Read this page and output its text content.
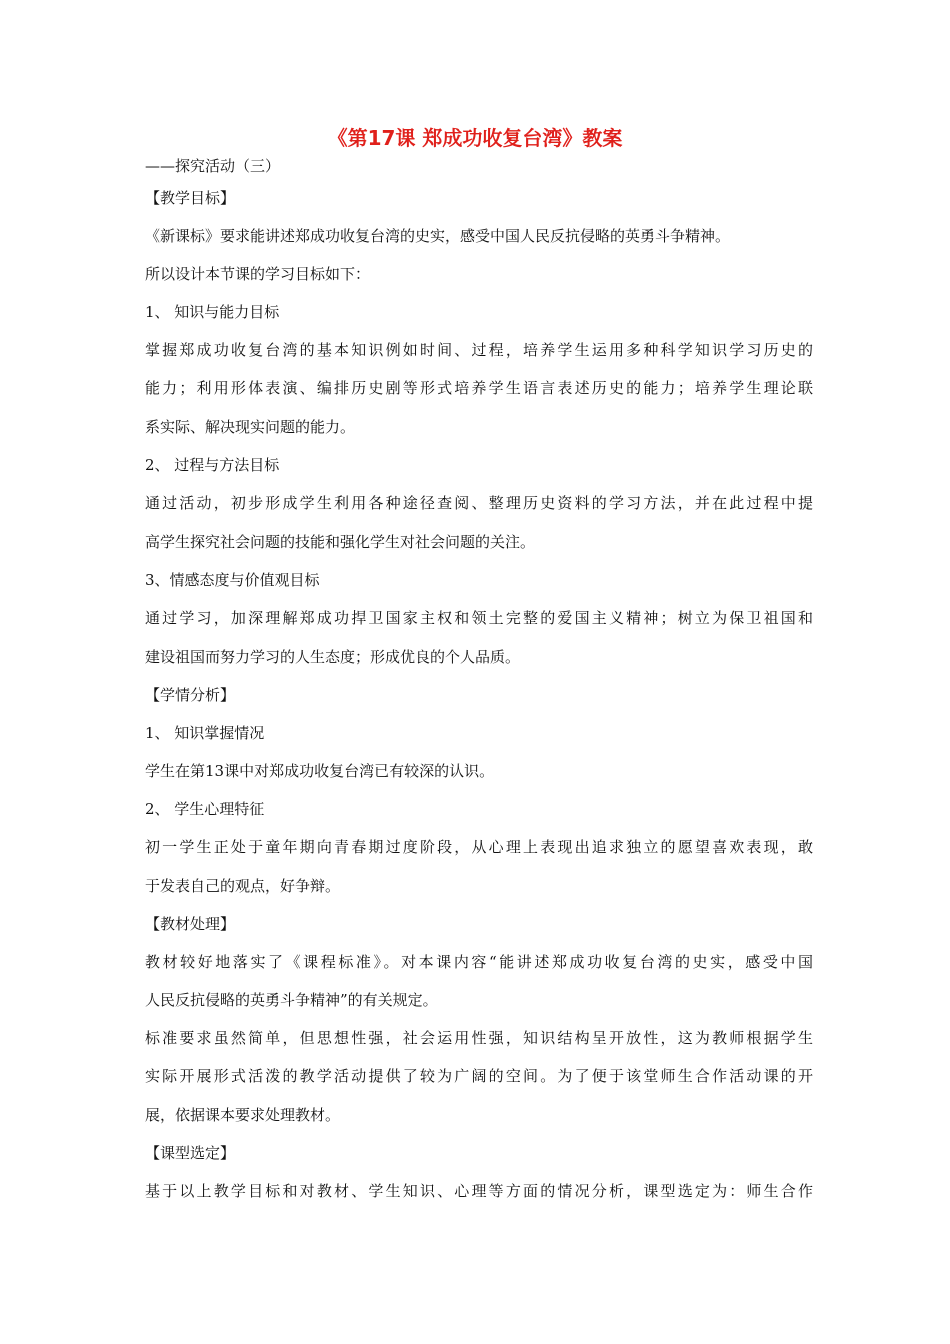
《第17课 郑成功收复台湾》教案
——探究活动（三）
【教学目标】
《新课标》要求能讲述郑成功收复台湾的史实，感受中国人民反抗侵略的英勇斗争精神。
所以设计本节课的学习目标如下：
1、 知识与能力目标
掌握郑成功收复台湾的基本知识例如时间、过程，培养学生运用多种科学知识学习历史的
能力；利用形体表演、编排历史剧等形式培养学生语言表述历史的能力；培养学生理论联
系实际、解决现实问题的能力。
2、 过程与方法目标
通过活动，初步形成学生利用各种途径查阅、整理历史资料的学习方法，并在此过程中提
高学生探究社会问题的技能和强化学生对社会问题的关注。
3、情感态度与价值观目标
通过学习，加深理解郑成功捍卫国家主权和领土完整的爱国主义精神；树立为保卫祖国和
建设祖国而努力学习的人生态度；形成优良的个人品质。
【学情分析】
1、 知识掌握情况
学生在第13课中对郑成功收复台湾已有较深的认识。
2、 学生心理特征
初一学生正处于童年期向青春期过度阶段，从心理上表现出追求独立的愿望喜欢表现，敢
于发表自己的观点，好争辩。
【教材处理】
教材较好地落实了《课程标准》。对本课内容“能讲述郑成功收复台湾的史实，感受中国
人民反抗侵略的英勇斗争精神”的有关规定。
标准要求虽然简单，但思想性强，社会运用性强，知识结构呈开放性，这为教师根据学生
实际开展形式活泼的教学活动提供了较为广阔的空间。为了便于该堂师生合作活动课的开
展，依据课本要求处理教材。
【课型选定】
基于以上教学目标和对教材、学生知识、心理等方面的情况分析，课型选定为：师生合作
